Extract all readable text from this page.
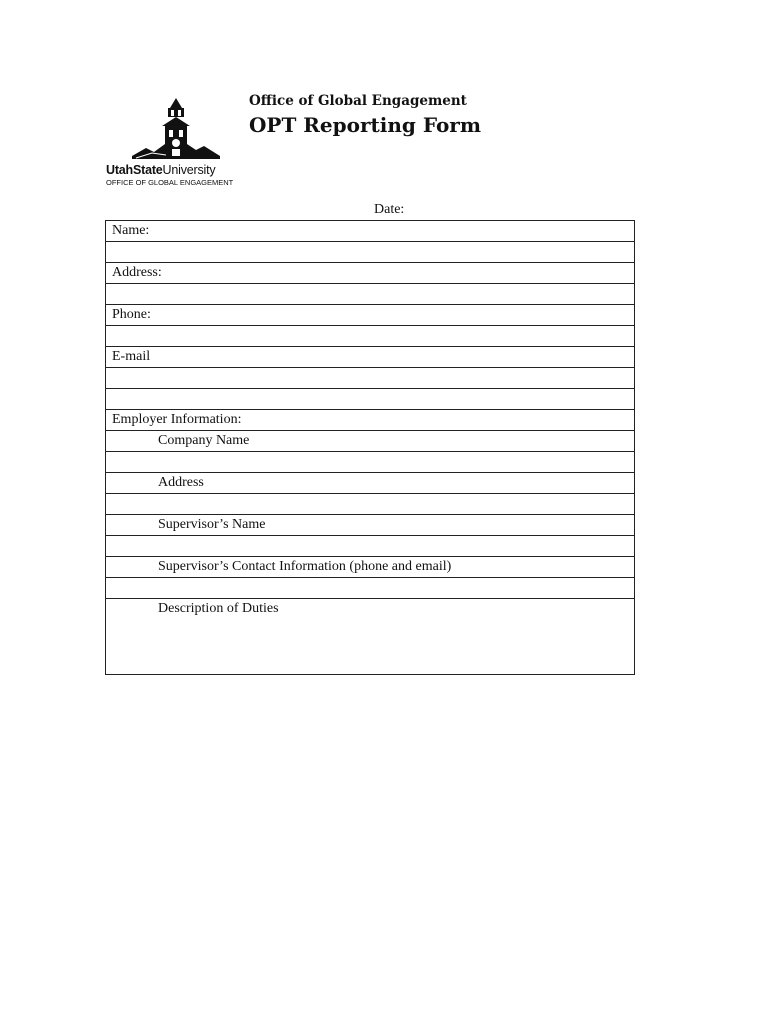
UtahStateUniversity
OFFICE OF GLOBAL ENGAGEMENT
Office of Global Engagement
OPT Reporting Form
Date:
Name:
Address:
Phone:
E-mail
Employer Information:
Company Name
Address
Supervisor’s Name
Supervisor’s Contact Information (phone and email)
Description of Duties
